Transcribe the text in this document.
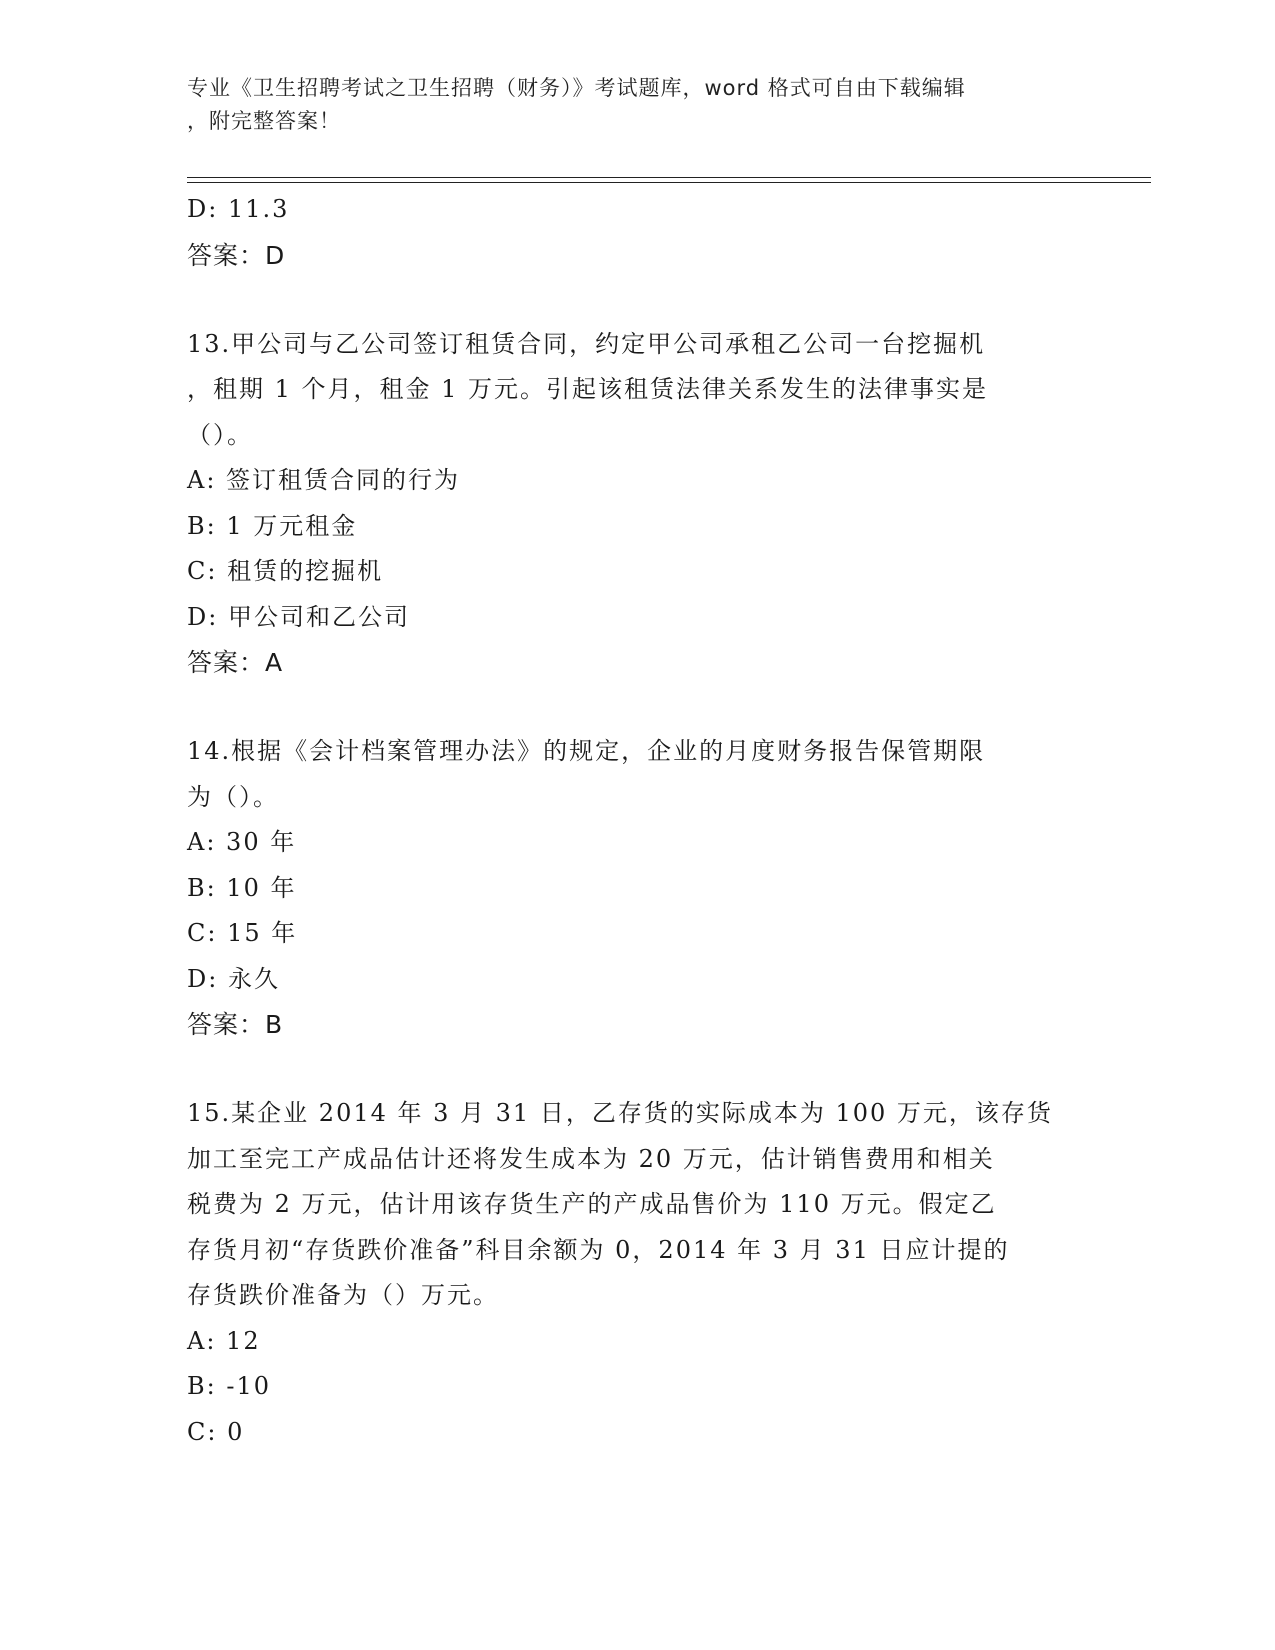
专业《卫生招聘考试之卫生招聘（财务）》考试题库，word 格式可自由下载编辑
，附完整答案！
D: 11.3
答案：D
13.甲公司与乙公司签订租赁合同，约定甲公司承租乙公司一台挖掘机
，租期 1 个月，租金 1 万元。引起该租赁法律关系发生的法律事实是
（）。
A: 签订租赁合同的行为
B: 1 万元租金
C: 租赁的挖掘机
D: 甲公司和乙公司
答案：A
14.根据《会计档案管理办法》的规定，企业的月度财务报告保管期限
为（）。
A: 30 年
B: 10 年
C: 15 年
D: 永久
答案：B
15.某企业 2014 年 3 月 31 日，乙存货的实际成本为 100 万元，该存货
加工至完工产成品估计还将发生成本为 20 万元，估计销售费用和相关
税费为 2 万元，估计用该存货生产的产成品售价为 110 万元。假定乙
存货月初“存货跌价准备”科目余额为 0，2014 年 3 月 31 日应计提的
存货跌价准备为（）万元。
A: 12
B: -10
C: 0
